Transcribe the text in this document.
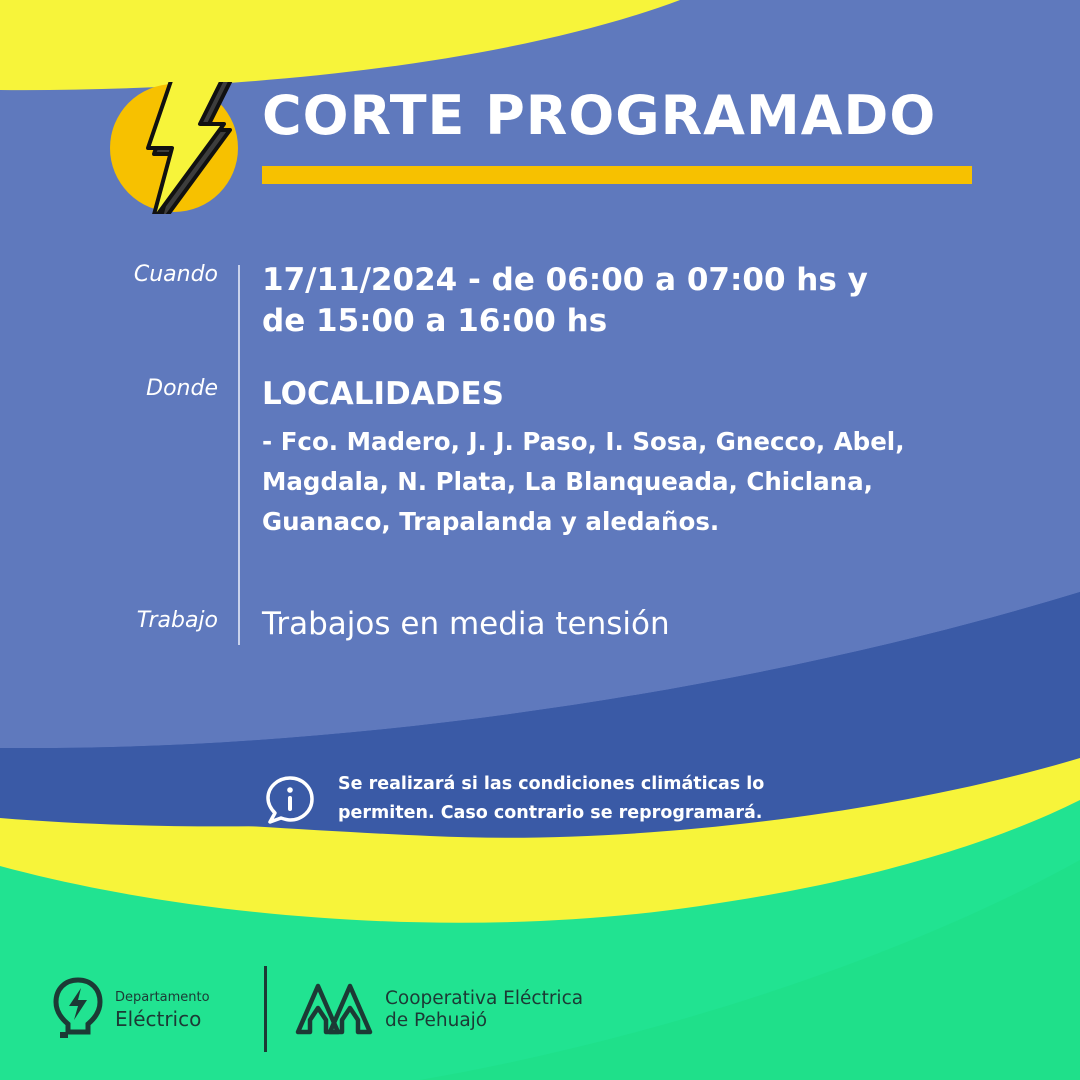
CORTE PROGRAMADO
Cuando 17/11/2024 - de 06:00 a 07:00 hs y
de 15:00 a 16:00 hs
Donde LOCALIDADES
- Fco. Madero, J. J. Paso, I. Sosa, Gnecco, Abel,
Magdala, N. Plata, La Blanqueada, Chiclana,
Guanaco, Trapalanda y aledaños.
Trabajo Trabajos en media tensión
Se realizará si las condiciones climáticas lo
permiten. Caso contrario se reprogramará.
Departamento
Eléctrico
Cooperativa Eléctrica
de Pehuajó
